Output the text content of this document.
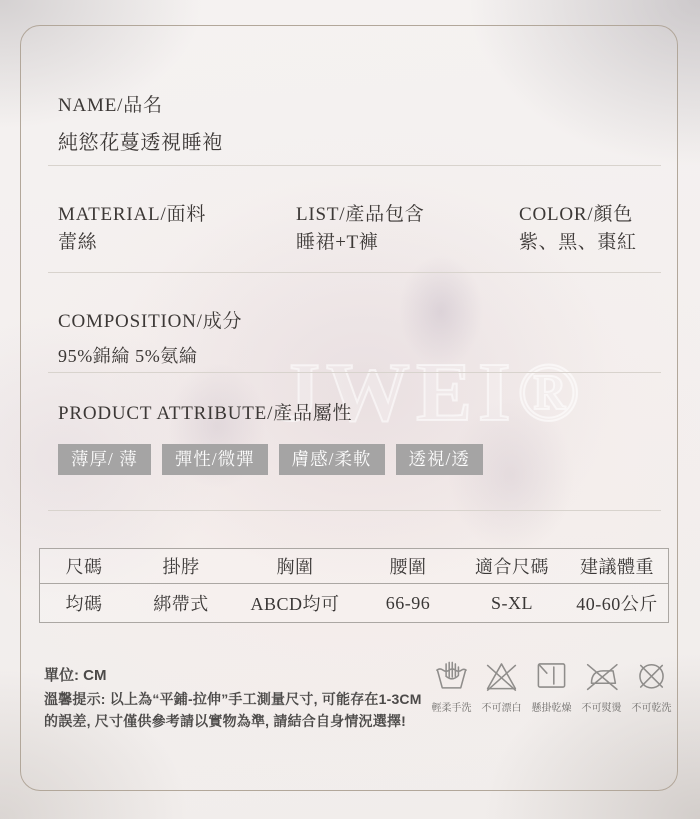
JWEI®
NAME/品名
純慾花蔓透視睡袍
MATERIAL/面料
蕾絲
LIST/產品包含
睡裙+T褲
COLOR/顏色
紫、黑、棗紅
COMPOSITION/成分
95%錦綸 5%氨綸
PRODUCT ATTRIBUTE/產品屬性
薄厚/ 薄	彈性/微彈	膚感/柔軟	透視/透
尺碼	掛脖	胸圍	腰圍	適合尺碼	建議體重
均碼	綁帶式	ABCD均可	66-96	S-XL	40-60公斤
單位: CM
溫馨提示: 以上為“平鋪-拉伸”手工測量尺寸, 可能存在1-3CM的誤差, 尺寸僅供參考請以實物為準, 請結合自身情況選擇!
輕柔手洗 不可漂白 懸掛乾燥 不可熨燙 不可乾洗
